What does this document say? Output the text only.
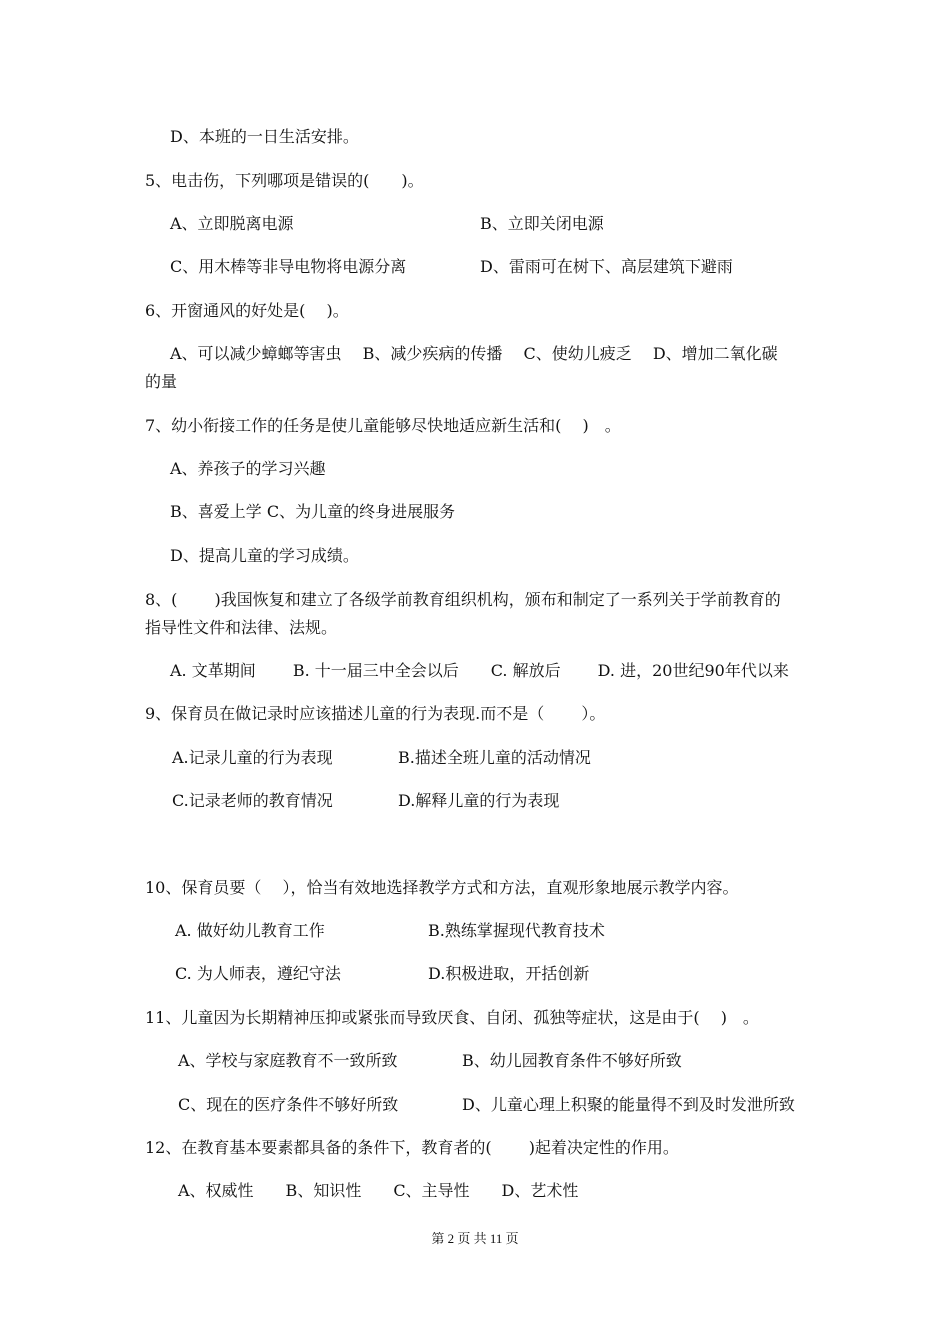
D、本班的一日生活安排。
5、电击伤，下列哪项是错误的(　　)。
A、立即脱离电源	B、立即关闭电源
C、用木棒等非导电物将电源分离	D、雷雨可在树下、高层建筑下避雨
6、开窗通风的好处是(　 )。
A、可以减少蟑螂等害虫　 B、减少疾病的传播　 C、使幼儿疲乏　 D、增加二氧化碳
的量
7、幼小衔接工作的任务是使儿童能够尽快地适应新生活和(　 )　。
A、养孩子的学习兴趣
B、喜爱上学 C、为儿童的终身进展服务
D、提高儿童的学习成绩。
8、(　　 )我国恢复和建立了各级学前教育组织机构，颁布和制定了一系列关于学前教育的
指导性文件和法律、法规。
A. 文革期间　　 B. 十一届三中全会以后　　C. 解放后　　 D. 进，20世纪90年代以来
9、保育员在做记录时应该描述儿童的行为表现.而不是（　　 ）。
A.记录儿童的行为表现	B.描述全班儿童的活动情况
C.记录老师的教育情况	D.解释儿童的行为表现
10、保育员要（　 ），恰当有效地选择教学方式和方法，直观形象地展示教学内容。
A. 做好幼儿教育工作	B.熟练掌握现代教育技术
C. 为人师表，遵纪守法	D.积极进取，开括创新
11、儿童因为长期精神压抑或紧张而导致厌食、自闭、孤独等症状，这是由于(　 )　。
A、学校与家庭教育不一致所致	B、幼儿园教育条件不够好所致
C、现在的医疗条件不够好所致	D、儿童心理上积聚的能量得不到及时发泄所致
12、在教育基本要素都具备的条件下，教育者的(　　 )起着决定性的作用。
A、权威性　　B、知识性　　C、主导性　　D、艺术性
第 2 页 共 11 页
